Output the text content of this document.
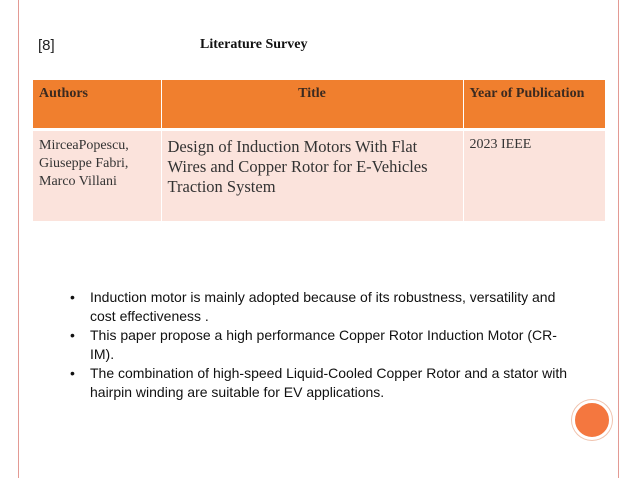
[8]	Literature Survey
Authors	Title	Year of Publication
MirceaPopescu, Giuseppe Fabri, Marco Villani	Design of Induction Motors With Flat Wires and Copper Rotor for E-Vehicles Traction System	2023 IEEE
• Induction motor is mainly adopted because of its robustness, versatility and cost effectiveness .
• This paper propose a high performance Copper Rotor Induction Motor (CR-IM).
• The combination of high-speed Liquid-Cooled Copper Rotor and a stator with hairpin winding are suitable for EV applications.
